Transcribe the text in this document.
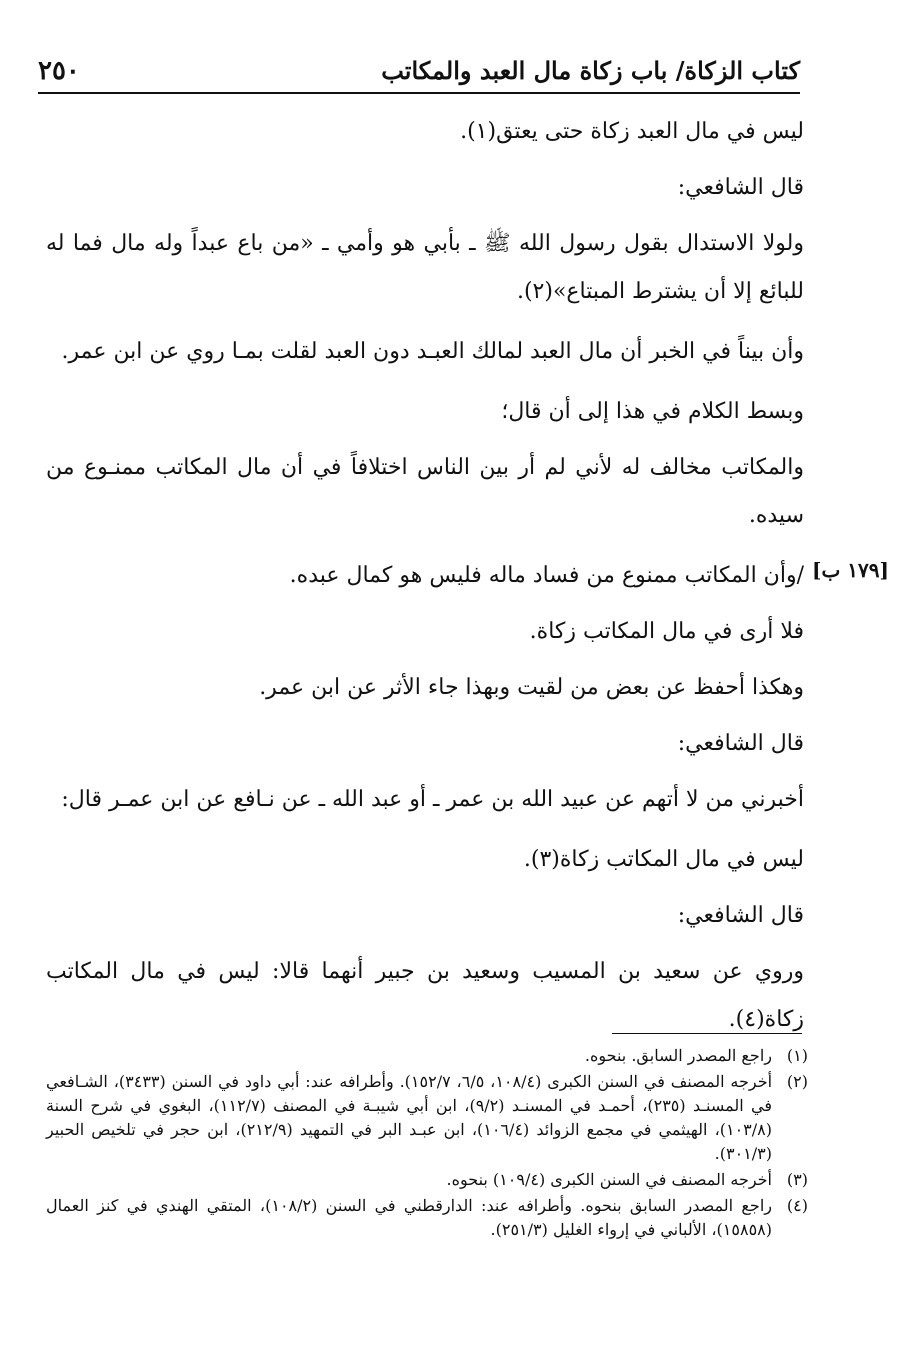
كتاب الزكاة/ باب زكاة مال العبد والمكاتب
٢٥٠
[١٧٩ ب]

ليس في مال العبد زكاة حتى يعتق(١).

قال الشافعي:

ولولا الاستدال بقول رسول الله ﷺ ـ بأبي هو وأمي ـ «من باع عبداً وله مال فما له للبائع إلا أن يشترط المبتاع»(٢).

وأن بيناً في الخبر أن مال العبد لمالك العبـد دون العبد لقلت بمـا روي عن ابن عمر.

وبسط الكلام في هذا إلى أن قال؛

والمكاتب مخالف له لأني لم أر بين الناس اختلافاً في أن مال المكاتب ممنـوع من سيده.

/وأن المكاتب ممنوع من فساد ماله فليس هو كمال عبده.

فلا أرى في مال المكاتب زكاة.

وهكذا أحفظ عن بعض من لقيت وبهذا جاء الأثر عن ابن عمر.

قال الشافعي:

أخبرني من لا أتهم عن عبيد الله بن عمر ـ أو عبد الله ـ عن نـافع عن ابن عمـر قال:

ليس في مال المكاتب زكاة(٣).

قال الشافعي:

وروي عن سعيد بن المسيب وسعيد بن جبير أنهما قالا: ليس في مال المكاتب زكاة(٤).

(١)
راجع المصدر السابق. بنحوه.
(٢)
أخرجه المصنف في السنن الكبرى (١٠٨/٤، ٦/٥، ١٥٢/٧). وأطرافه عند: أبي داود في السنن (٣٤٣٣)، الشـافعي في المسنـد (٢٣٥)، أحمـد في المسنـد (٩/٢)، ابن أبي شيبـة في المصنف (١١٢/٧)، البغوي في شرح السنة (١٠٣/٨)، الهيثمي في مجمع الزوائد (١٠٦/٤)، ابن عبـد البر في التمهيد (٢١٢/٩)، ابن حجر في تلخيص الحبير (٣٠١/٣).
(٣)
أخرجه المصنف في السنن الكبرى (١٠٩/٤) بنحوه.
(٤)
راجع المصدر السابق بنحوه. وأطرافه عند: الدارقطني في السنن (١٠٨/٢)، المتقي الهندي في كنز العمال (١٥٨٥٨)، الألباني في إرواء الغليل (٢٥١/٣).
